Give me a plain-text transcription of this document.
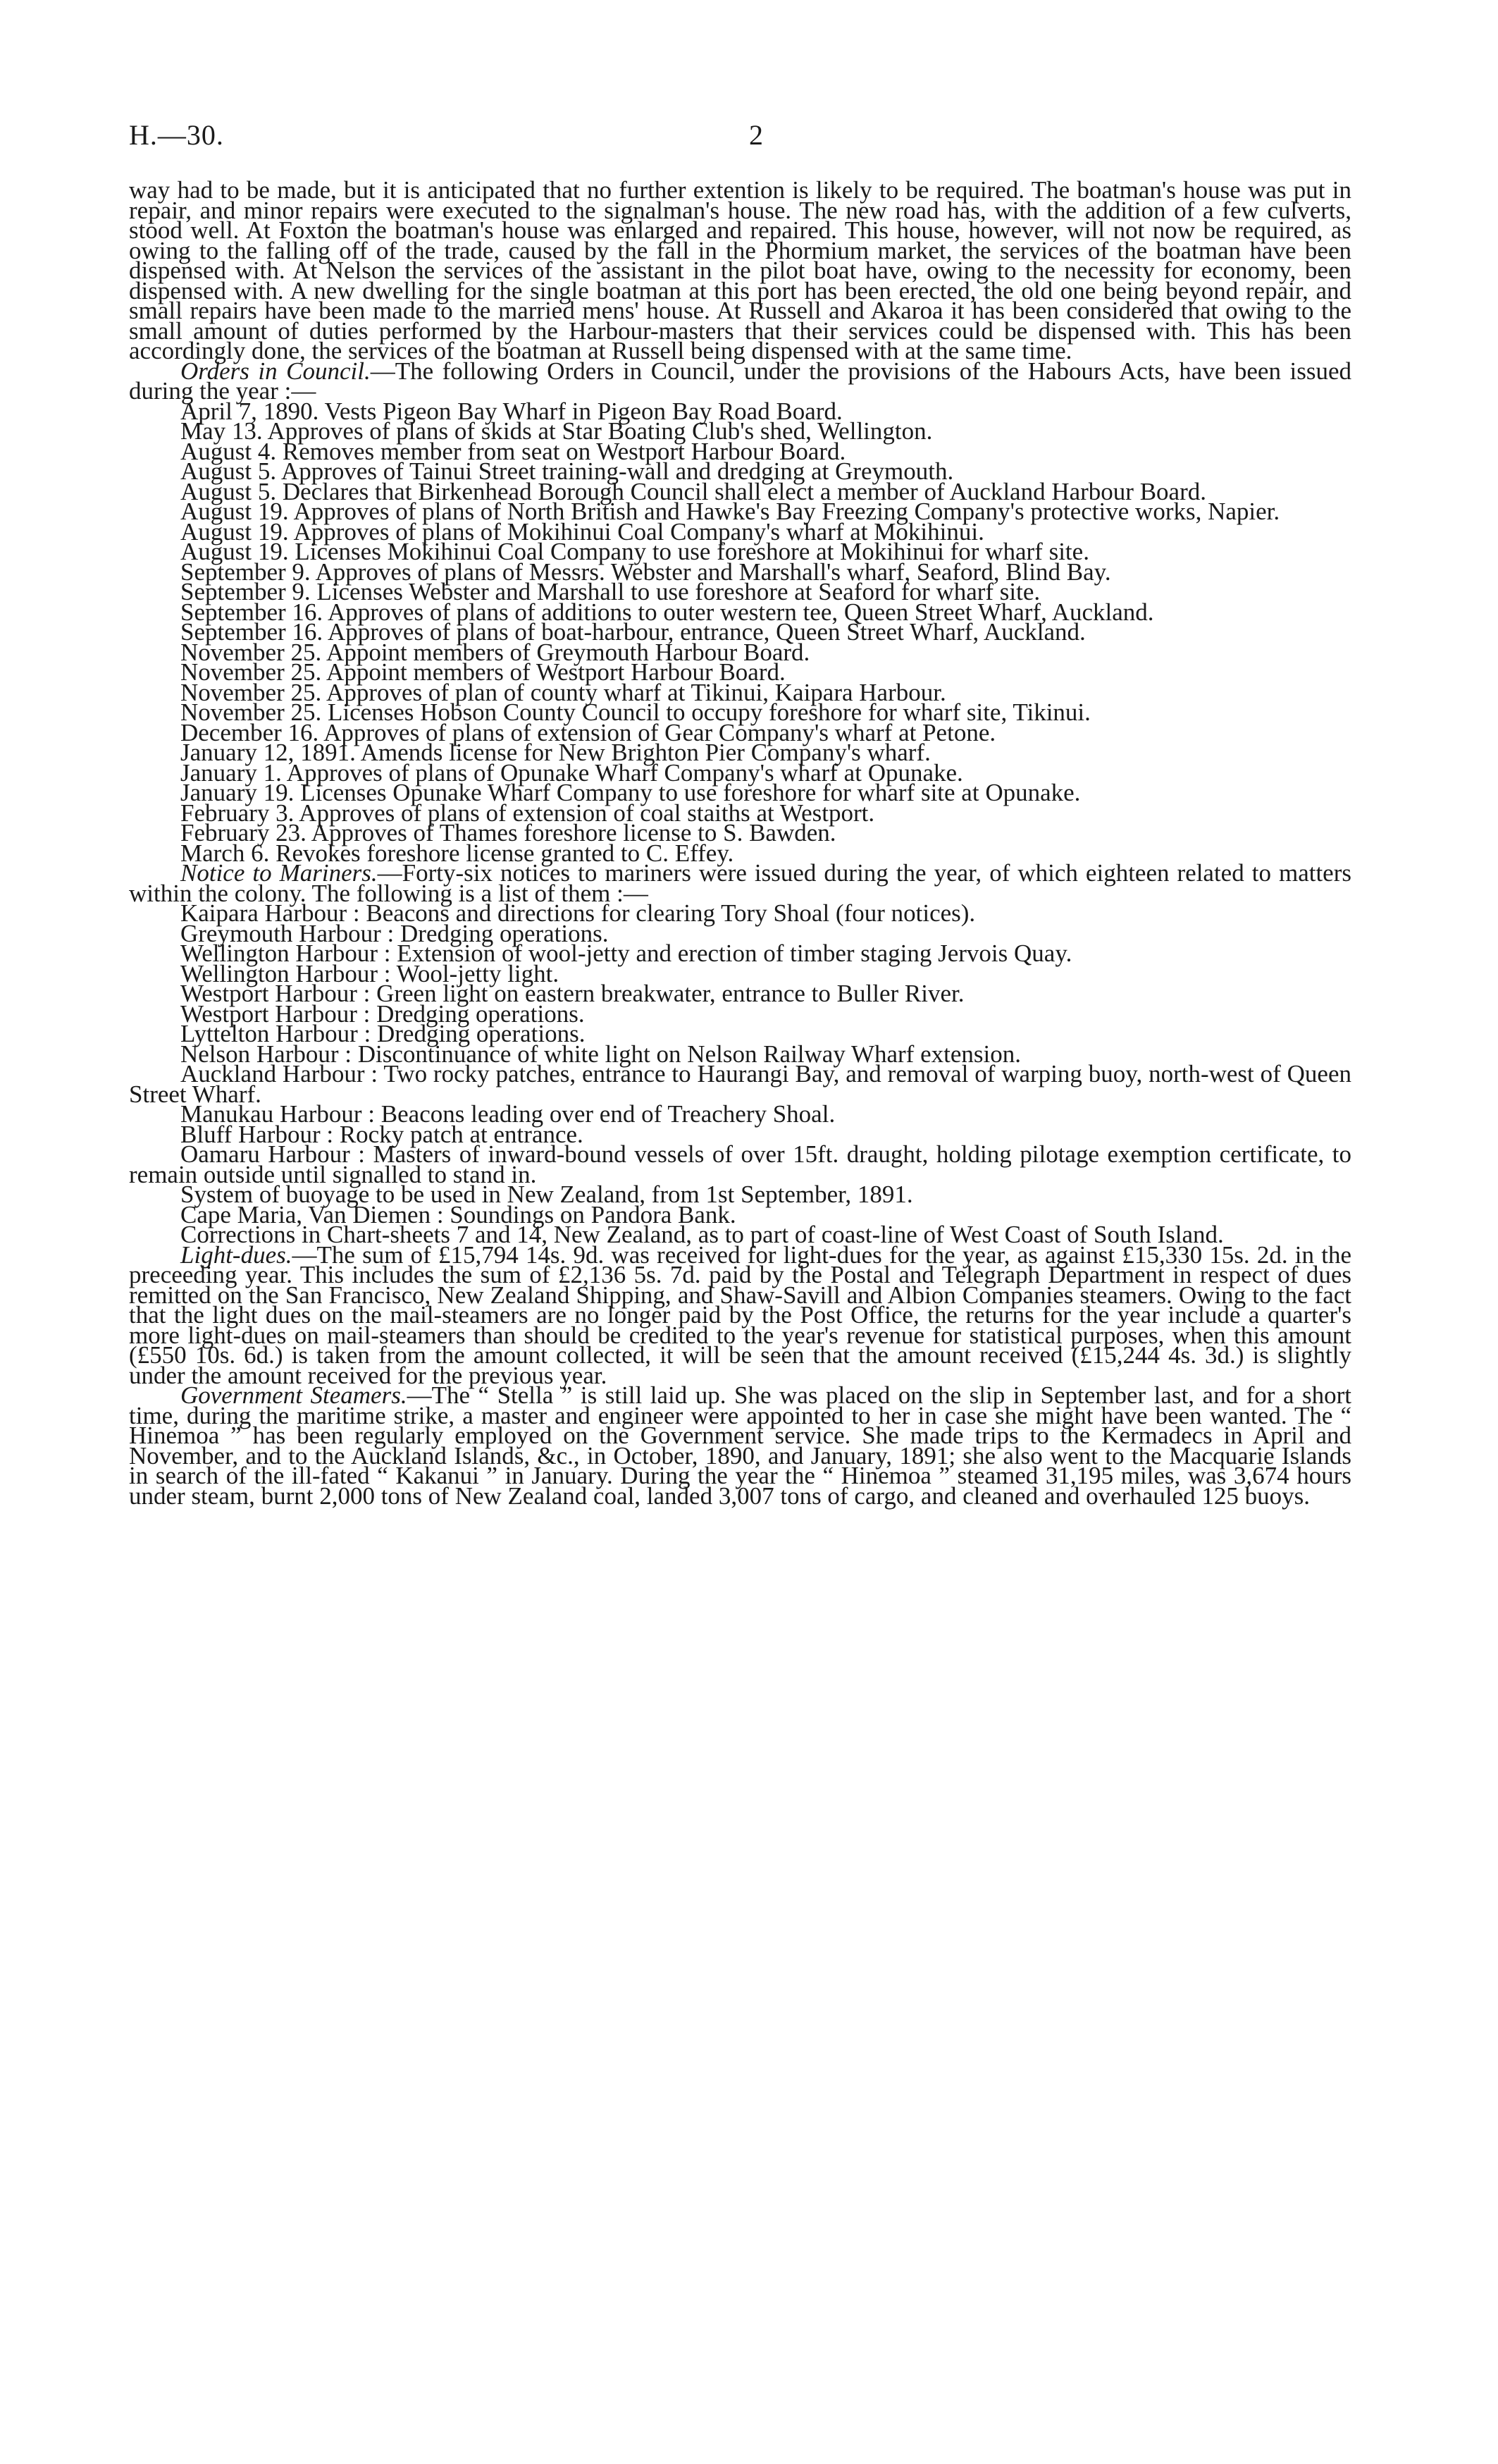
H.—30.	2

way had to be made, but it is anticipated that no further extention is likely to be required. The boatman's house was put in repair, and minor repairs were executed to the signalman's house. The new road has, with the addition of a few culverts, stood well. At Foxton the boatman's house was enlarged and repaired. This house, however, will not now be required, as owing to the falling off of the trade, caused by the fall in the Phormium market, the services of the boatman have been dispensed with. At Nelson the services of the assistant in the pilot boat have, owing to the necessity for economy, been dispensed with. A new dwelling for the single boatman at this port has been erected, the old one being beyond repair, and small repairs have been made to the married mens' house. At Russell and Akaroa it has been considered that owing to the small amount of duties performed by the Harbour-masters that their services could be dispensed with. This has been accordingly done, the services of the boatman at Russell being dispensed with at the same time.

Orders in Council.—The following Orders in Council, under the provisions of the Habours Acts, have been issued during the year :—

April 7, 1890. Vests Pigeon Bay Wharf in Pigeon Bay Road Board.

May 13. Approves of plans of skids at Star Boating Club's shed, Wellington.

August 4. Removes member from seat on Westport Harbour Board.

August 5. Approves of Tainui Street training-wall and dredging at Greymouth.

August 5. Declares that Birkenhead Borough Council shall elect a member of Auckland Harbour Board.

August 19. Approves of plans of North British and Hawke's Bay Freezing Company's protective works, Napier.

August 19. Approves of plans of Mokihinui Coal Company's wharf at Mokihinui.

August 19. Licenses Mokihinui Coal Company to use foreshore at Mokihinui for wharf site.

September 9. Approves of plans of Messrs. Webster and Marshall's wharf, Seaford, Blind Bay.

September 9. Licenses Webster and Marshall to use foreshore at Seaford for wharf site.

September 16. Approves of plans of additions to outer western tee, Queen Street Wharf, Auckland.

September 16. Approves of plans of boat-harbour, entrance, Queen Street Wharf, Auckland.

November 25. Appoint members of Greymouth Harbour Board.

November 25. Appoint members of Westport Harbour Board.

November 25. Approves of plan of county wharf at Tikinui, Kaipara Harbour.

November 25. Licenses Hobson County Council to occupy foreshore for wharf site, Tikinui.

December 16. Approves of plans of extension of Gear Company's wharf at Petone.

January 12, 1891. Amends license for New Brighton Pier Company's wharf.

January 1. Approves of plans of Opunake Wharf Company's wharf at Opunake.

January 19. Licenses Opunake Wharf Company to use foreshore for wharf site at Opunake.

February 3. Approves of plans of extension of coal staiths at Westport.

February 23. Approves of Thames foreshore license to S. Bawden.

March 6. Revokes foreshore license granted to C. Effey.

Notice to Mariners.—Forty-six notices to mariners were issued during the year, of which eighteen related to matters within the colony. The following is a list of them :—

Kaipara Harbour : Beacons and directions for clearing Tory Shoal (four notices).

Greymouth Harbour : Dredging operations.

Wellington Harbour : Extension of wool-jetty and erection of timber staging Jervois Quay.

Wellington Harbour : Wool-jetty light.

Westport Harbour : Green light on eastern breakwater, entrance to Buller River.

Westport Harbour : Dredging operations.

Lyttelton Harbour : Dredging operations.

Nelson Harbour : Discontinuance of white light on Nelson Railway Wharf extension.

Auckland Harbour : Two rocky patches, entrance to Haurangi Bay, and removal of warping buoy, north-west of Queen Street Wharf.

Manukau Harbour : Beacons leading over end of Treachery Shoal.

Bluff Harbour : Rocky patch at entrance.

Oamaru Harbour : Masters of inward-bound vessels of over 15ft. draught, holding pilotage exemption certificate, to remain outside until signalled to stand in.

System of buoyage to be used in New Zealand, from 1st September, 1891.

Cape Maria, Van Diemen : Soundings on Pandora Bank.

Corrections in Chart-sheets 7 and 14, New Zealand, as to part of coast-line of West Coast of South Island.

Light-dues.—The sum of £15,794 14s. 9d. was received for light-dues for the year, as against £15,330 15s. 2d. in the preceeding year. This includes the sum of £2,136 5s. 7d. paid by the Postal and Telegraph Department in respect of dues remitted on the San Francisco, New Zealand Shipping, and Shaw-Savill and Albion Companies steamers. Owing to the fact that the light dues on the mail-steamers are no longer paid by the Post Office, the returns for the year include a quarter's more light-dues on mail-steamers than should be credited to the year's revenue for statistical purposes, when this amount (£550 10s. 6d.) is taken from the amount collected, it will be seen that the amount received (£15,244 4s. 3d.) is slightly under the amount received for the previous year.

Government Steamers.—The “ Stella ” is still laid up. She was placed on the slip in September last, and for a short time, during the maritime strike, a master and engineer were appointed to her in case she might have been wanted. The “ Hinemoa ” has been regularly employed on the Government service. She made trips to the Kermadecs in April and November, and to the Auckland Islands, &c., in October, 1890, and January, 1891; she also went to the Macquarie Islands in search of the ill-fated “ Kakanui ” in January. During the year the “ Hinemoa ” steamed 31,195 miles, was 3,674 hours under steam, burnt 2,000 tons of New Zealand coal, landed 3,007 tons of cargo, and cleaned and overhauled 125 buoys.
